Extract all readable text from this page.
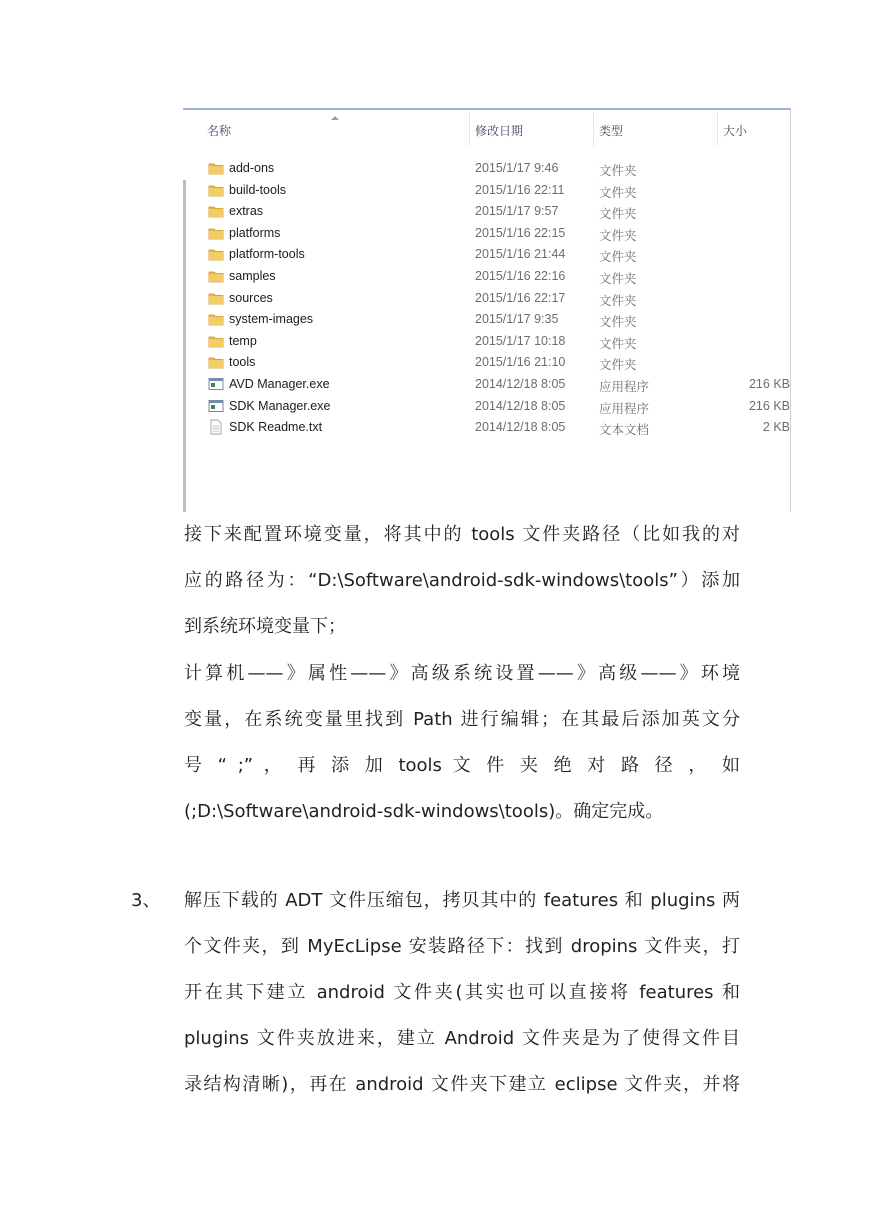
名称	修改日期	类型	大小
add-ons	2015/1/17 9:46	文件夹
build-tools	2015/1/16 22:11	文件夹
extras	2015/1/17 9:57	文件夹
platforms	2015/1/16 22:15	文件夹
platform-tools	2015/1/16 21:44	文件夹
samples	2015/1/16 22:16	文件夹
sources	2015/1/16 22:17	文件夹
system-images	2015/1/17 9:35	文件夹
temp	2015/1/17 10:18	文件夹
tools	2015/1/16 21:10	文件夹
AVD Manager.exe	2014/12/18 8:05	应用程序	216 KB
SDK Manager.exe	2014/12/18 8:05	应用程序	216 KB
SDK Readme.txt	2014/12/18 8:05	文本文档	2 KB
接下来配置环境变量，将其中的 tools 文件夹路径（比如我的对
应的路径为：“D:\Software\android-sdk-windows\tools”）添加
到系统环境变量下；
计算机——》属性——》高级系统设置——》高级——》环境
变量，在系统变量里找到 Path 进行编辑；在其最后添加英文分
号 “ ;” ， 再 添 加 tools 文 件 夹 绝 对 路 径 ， 如
(;D:\Software\android-sdk-windows\tools)。确定完成。
3、 解压下载的 ADT 文件压缩包，拷贝其中的 features 和 plugins 两
个文件夹，到 MyEcLipse 安装路径下：找到 dropins 文件夹，打
开在其下建立 android 文件夹(其实也可以直接将 features 和
plugins 文件夹放进来，建立 Android 文件夹是为了使得文件目
录结构清晰)，再在 android 文件夹下建立 eclipse 文件夹，并将
